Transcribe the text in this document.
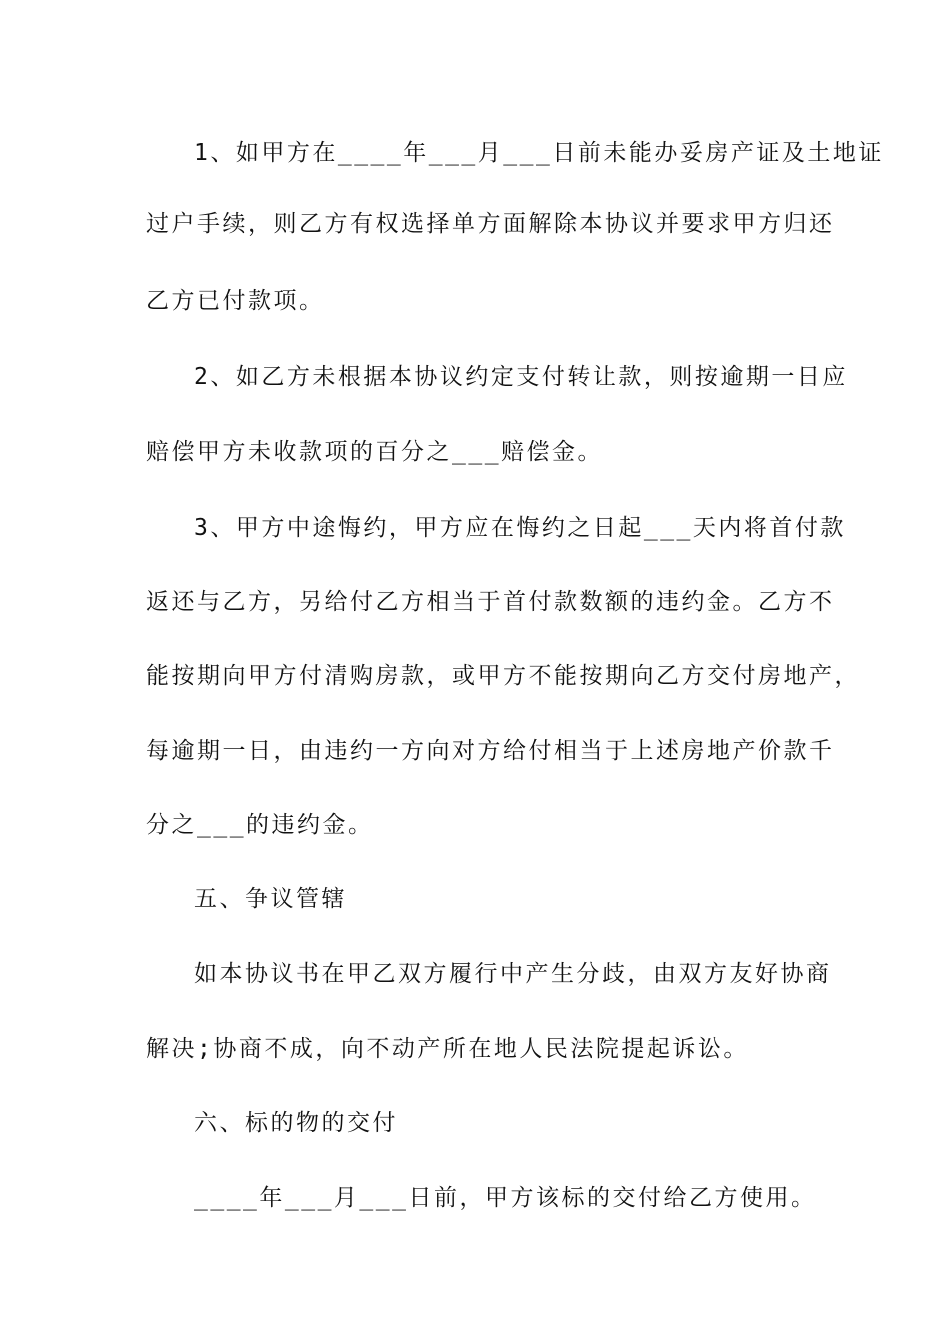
1、如甲方在____年___月___日前未能办妥房产证及土地证
过户手续，则乙方有权选择单方面解除本协议并要求甲方归还
乙方已付款项。
2、如乙方未根据本协议约定支付转让款，则按逾期一日应
赔偿甲方未收款项的百分之___赔偿金。
3、甲方中途悔约，甲方应在悔约之日起___天内将首付款
返还与乙方，另给付乙方相当于首付款数额的违约金。乙方不
能按期向甲方付清购房款，或甲方不能按期向乙方交付房地产，
每逾期一日，由违约一方向对方给付相当于上述房地产价款千
分之___的违约金。
五、争议管辖
如本协议书在甲乙双方履行中产生分歧，由双方友好协商
解决;协商不成，向不动产所在地人民法院提起诉讼。
六、标的物的交付
____年___月___日前，甲方该标的交付给乙方使用。
